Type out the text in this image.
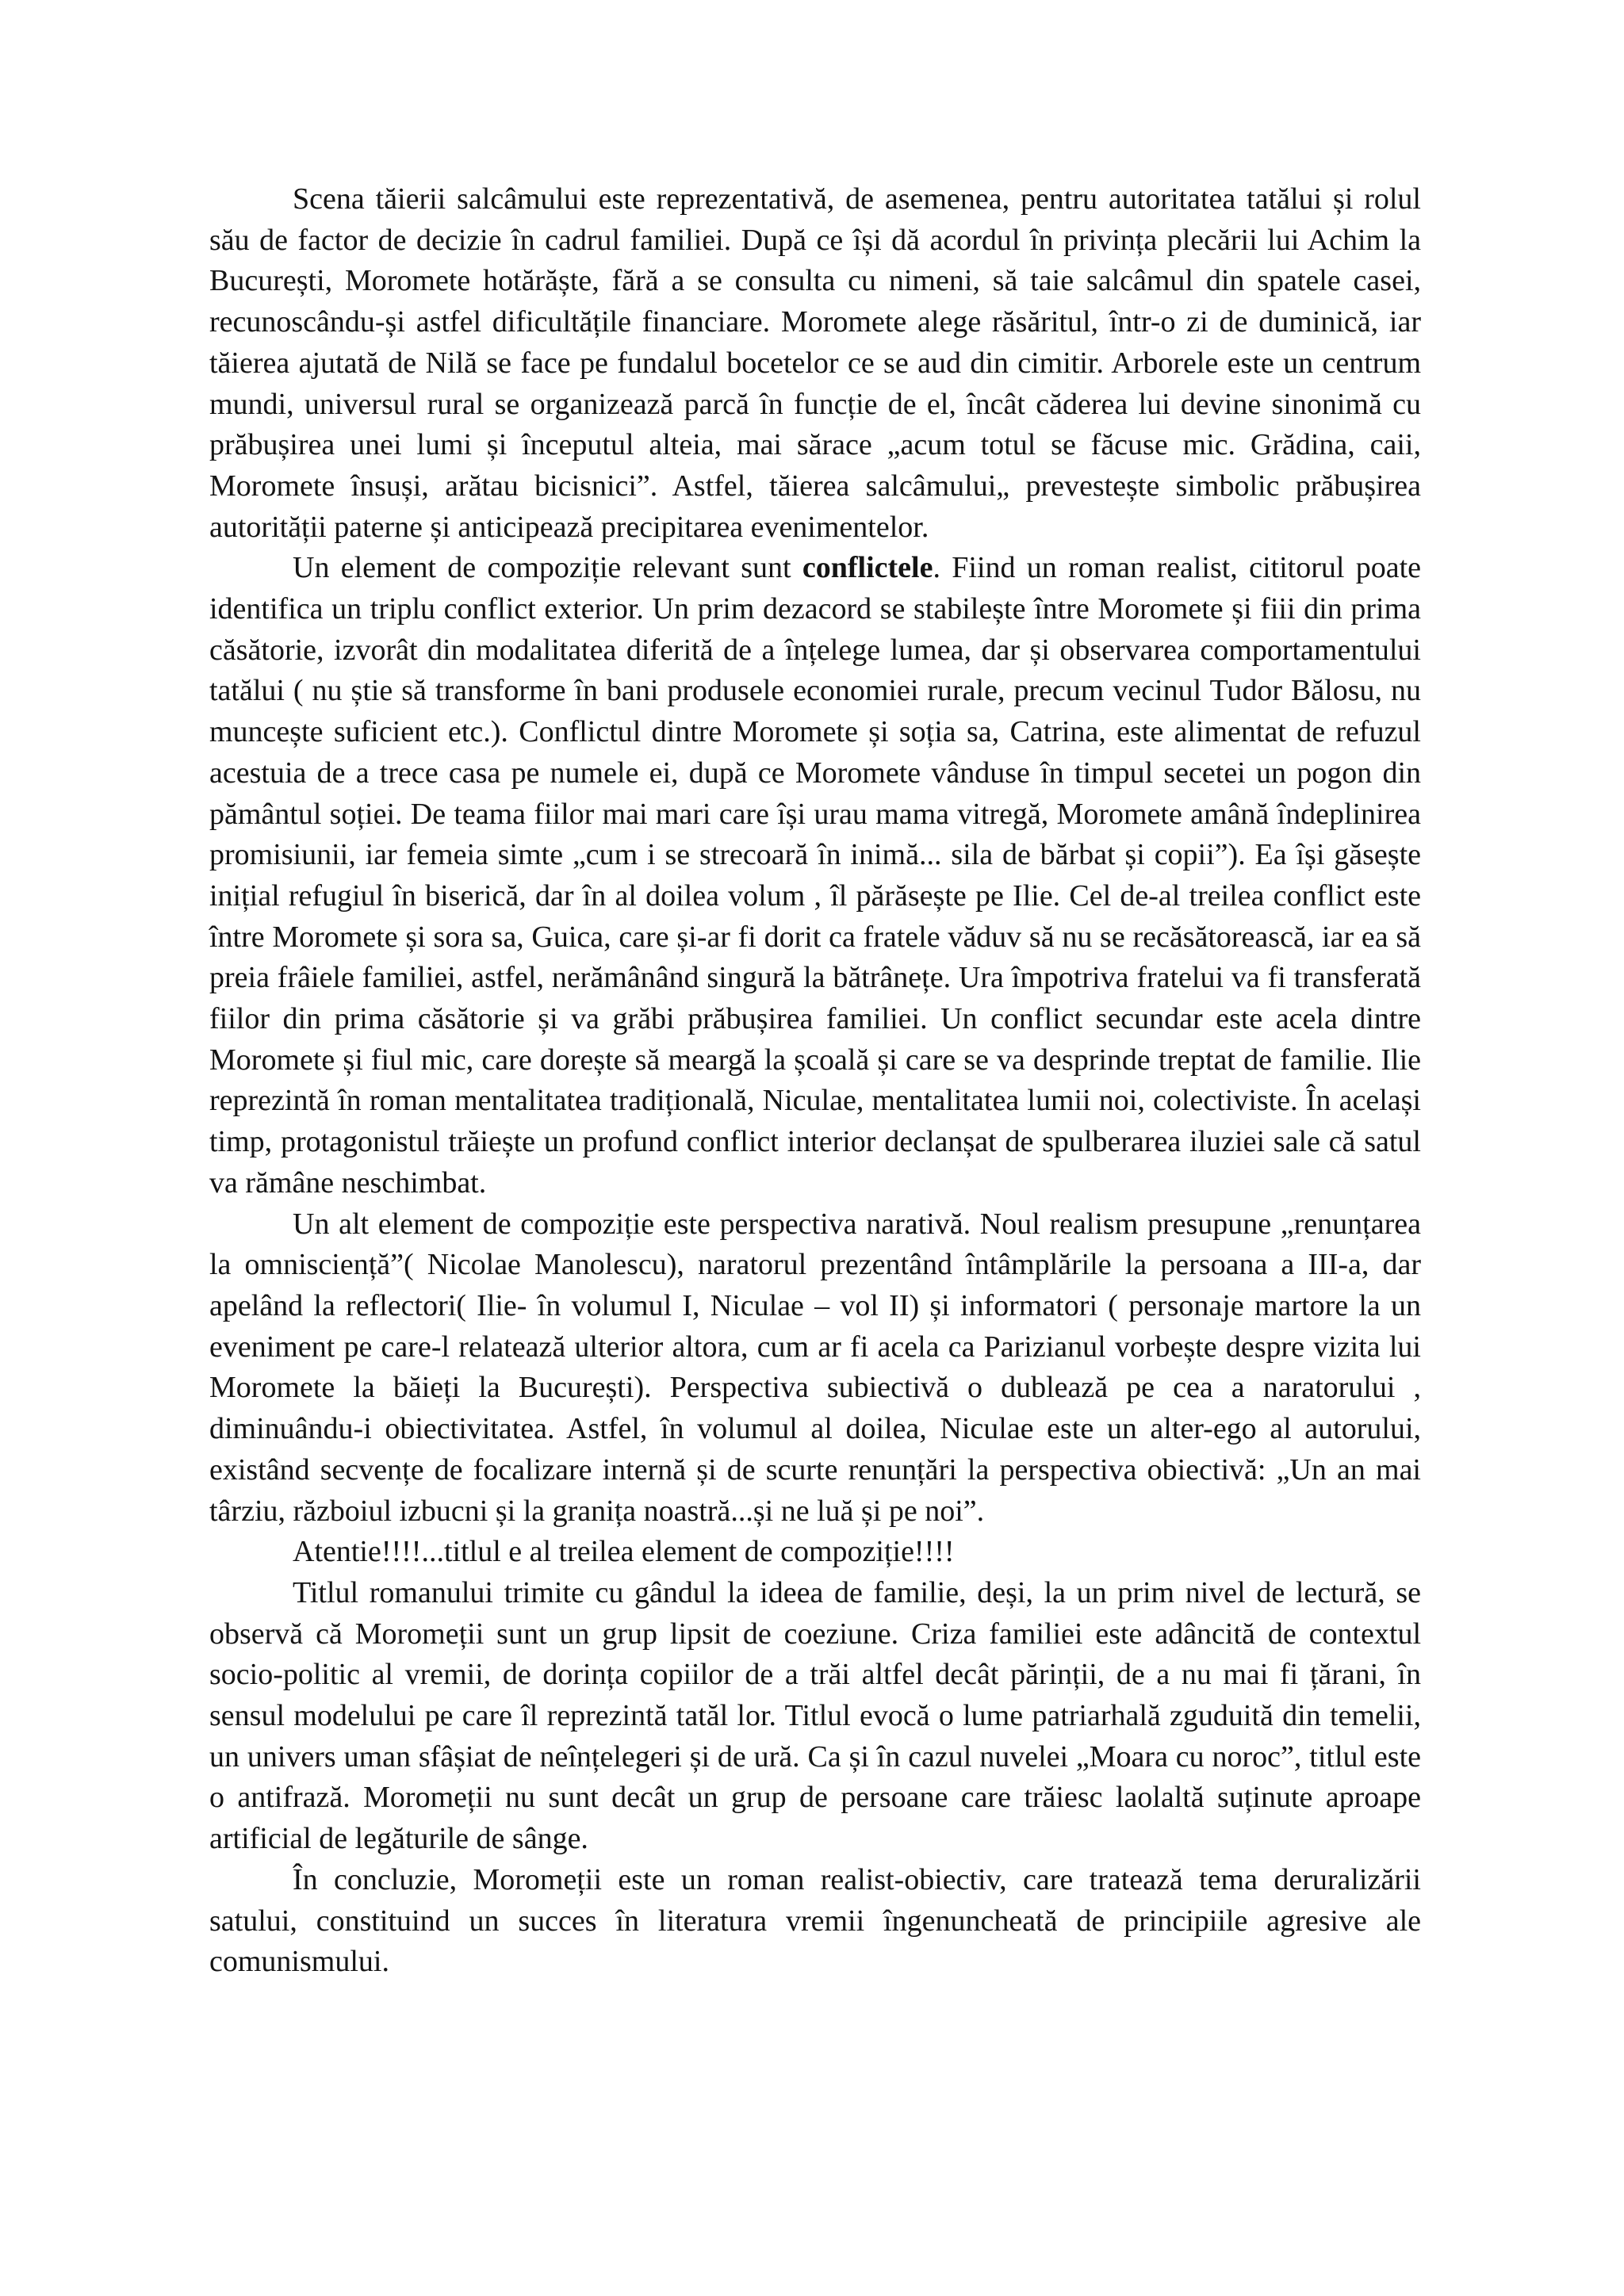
Scena tăierii salcâmului este reprezentativă, de asemenea, pentru autoritatea tatălui și rolul său de factor de decizie în cadrul familiei. După ce își dă acordul în privința plecării lui Achim la București, Moromete hotărăște, fără a se consulta cu nimeni, să taie salcâmul din spatele casei, recunoscându-și astfel dificultățile financiare. Moromete alege răsăritul, într-o zi de duminică, iar tăierea ajutată de Nilă se face pe fundalul bocetelor ce se aud din cimitir. Arborele este un centrum mundi, universul rural se organizează parcă în funcție de el, încât căderea lui devine sinonimă cu prăbușirea unei lumi și începutul alteia, mai sărace „acum totul se făcuse mic. Grădina, caii, Moromete însuși, arătau bicisnici”. Astfel, tăierea salcâmului„ prevestește simbolic prăbușirea autorității paterne și anticipează precipitarea evenimentelor.

Un element de compoziție relevant sunt conflictele. Fiind un roman realist, cititorul poate identifica un triplu conflict exterior. Un prim dezacord se stabilește între Moromete și fiii din prima căsătorie, izvorât din modalitatea diferită de a înțelege lumea, dar și observarea comportamentului tatălui ( nu știe să transforme în bani produsele economiei rurale, precum vecinul Tudor Bălosu, nu muncește suficient etc.). Conflictul dintre Moromete și soția sa, Catrina, este alimentat de refuzul acestuia de a trece casa pe numele ei, după ce Moromete vânduse în timpul secetei un pogon din pământul soției. De teama fiilor mai mari care își urau mama vitregă, Moromete amână îndeplinirea promisiunii, iar femeia simte „cum i se strecoară în inimă... sila de bărbat și copii”). Ea își găsește inițial refugiul în biserică, dar în al doilea volum , îl părăsește pe Ilie. Cel de-al treilea conflict este între Moromete și sora sa, Guica, care și-ar fi dorit ca fratele văduv să nu se recăsătorească, iar ea să preia frâiele familiei, astfel, nerămânând singură la bătrânețe. Ura împotriva fratelui va fi transferată fiilor din prima căsătorie și va grăbi prăbușirea familiei. Un conflict secundar este acela dintre Moromete și fiul mic, care dorește să meargă la școală și care se va desprinde treptat de familie. Ilie reprezintă în roman mentalitatea tradițională, Niculae, mentalitatea lumii noi, colectiviste. În același timp, protagonistul trăiește un profund conflict interior declanșat de spulberarea iluziei sale că satul va rămâne neschimbat.

Un alt element de compoziție este perspectiva narativă. Noul realism presupune „renunțarea la omnisciență”( Nicolae Manolescu), naratorul prezentând întâmplările la persoana a III-a, dar apelând la reflectori( Ilie- în volumul I, Niculae – vol II) și informatori ( personaje martore la un eveniment pe care-l relatează ulterior altora, cum ar fi acela ca Parizianul vorbește despre vizita lui Moromete la băieți la București). Perspectiva subiectivă o dublează pe cea a naratorului , diminuându-i obiectivitatea. Astfel, în volumul al doilea, Niculae este un alter-ego al autorului, existând secvențe de focalizare internă și de scurte renunțări la perspectiva obiectivă: „Un an mai târziu, războiul izbucni și la granița noastră...și ne luă și pe noi”.

Atentie!!!!...titlul e al treilea element de compoziție!!!!

Titlul romanului trimite cu gândul la ideea de familie, deși, la un prim nivel de lectură, se observă că Moromeții sunt un grup lipsit de coeziune. Criza familiei este adâncită de contextul socio-politic al vremii, de dorința copiilor de a trăi altfel decât părinții, de a nu mai fi țărani, în sensul modelului pe care îl reprezintă tatăl lor. Titlul evocă o lume patriarhală zguduită din temelii, un univers uman sfâșiat de neînțelegeri și de ură. Ca și în cazul nuvelei „Moara cu noroc”, titlul este o antifrază. Moromeții nu sunt decât un grup de persoane care trăiesc laolaltă suținute aproape artificial de legăturile de sânge.

În concluzie, Moromeții este un roman realist-obiectiv, care tratează tema deruralizării satului, constituind un succes în literatura vremii îngenuncheată de principiile agresive ale comunismului.
